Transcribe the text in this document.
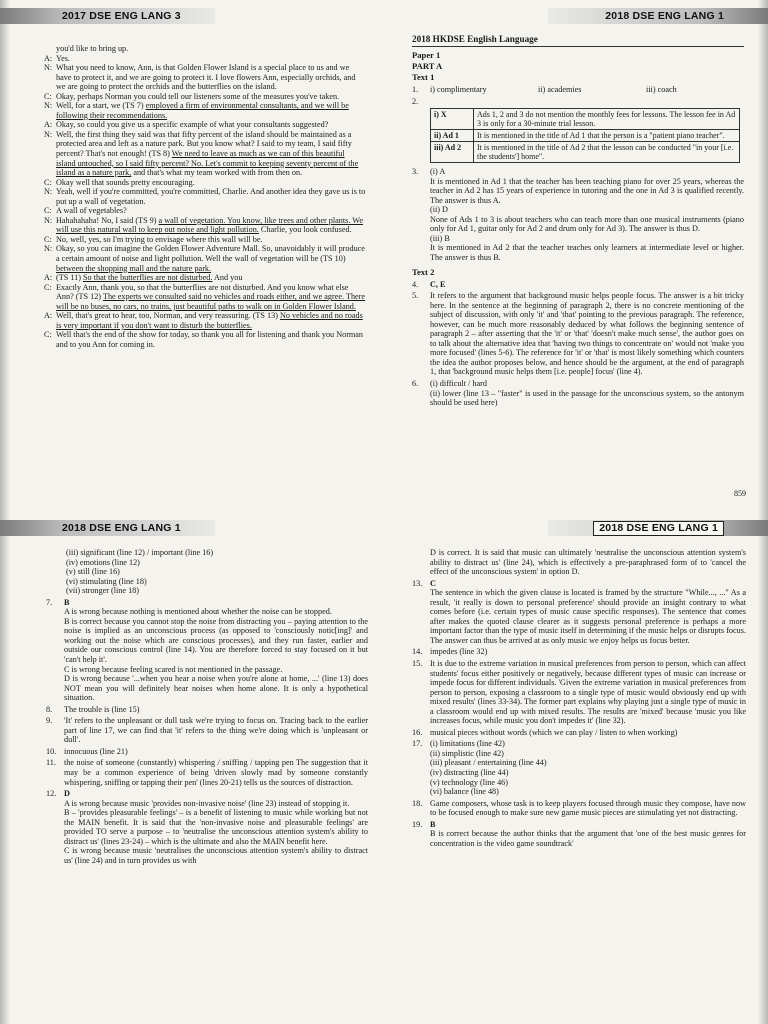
2017 DSE ENG LANG 3
you'd like to bring up.
A: Yes.
N: What you need to know, Ann, is that Golden Flower Island is a special place to us and we have to protect it, and we are going to protect it. I love flowers Ann, especially orchids, and we are going to protect the orchids and the butterflies on the island.
C: Okay, perhaps Norman you could tell our listeners some of the measures you've taken.
N: Well, for a start, we (TS 7) employed a firm of environmental consultants, and we will be following their recommendations.
A: Okay, so could you give us a specific example of what your consultants suggested?
N: Well, the first thing they said was that fifty percent of the island should be maintained as a protected area and left as a nature park. But you know what? I said to my team, I said fifty percent? That's not enough! (TS 8) We need to leave as much as we can of this beautiful island untouched, so I said fifty percent? No. Let's commit to keeping seventy percent of the island as a nature park, and that's what my team worked with from then on.
C: Okay well that sounds pretty encouraging.
N: Yeah, well if you're committed, you're committed, Charlie. And another idea they gave us is to put up a wall of vegetation.
C: A wall of vegetables?
N: Hahahahaha! No, I said (TS 9) a wall of vegetation. You know, like trees and other plants. We will use this natural wall to keep out noise and light pollution. Charlie, you look confused.
C: No, well, yes, so I'm trying to envisage where this wall will be.
N: Okay, so you can imagine the Golden Flower Adventure Mall. So, unavoidably it will produce a certain amount of noise and light pollution. Well the wall of vegetation will be (TS 10) between the shopping mall and the nature park.
A: (TS 11) So that the butterflies are not disturbed. And you
C: Exactly Ann, thank you, so that the butterflies are not disturbed. And you know what else Ann? (TS 12) The experts we consulted said no vehicles and roads either, and we agree. There will be no buses, no cars, no trains, just beautiful paths to walk on in Golden Flower Island.
A: Well, that's great to hear, too, Norman, and very reassuring. (TS 13) No vehicles and no roads is very important if you don't want to disturb the butterflies.
C: Well that's the end of the show for today, so thank you all for listening and thank you Norman and to you Ann for coming in.
2018 DSE ENG LANG 1
2018 HKDSE English Language
Paper 1
PART A
Text 1
1.	i) complimentary	ii) academies	iii) coach
2.
i) X	Ads 1, 2 and 3 do not mention the monthly fees for lessons. The lesson fee in Ad 3 is only for a 30-minute trial lesson.
ii) Ad 1	It is mentioned in the title of Ad 1 that the person is a "patient piano teacher".
iii) Ad 2	It is mentioned in the title of Ad 2 that the lesson can be conducted "in your [i.e. the students'] home".
3.	(i) A

It is mentioned in Ad 1 that the teacher has been teaching piano for over 25 years, whereas the teacher in Ad 2 has 15 years of experience in tutoring and the one in Ad 3 is qualified recently. The answer is thus A.

(ii) D

None of Ads 1 to 3 is about teachers who can teach more than one musical instruments (piano only for Ad 1, guitar only for Ad 2 and drum only for Ad 3). The answer is thus D.

(iii) B

It is mentioned in Ad 2 that the teacher teaches only learners at intermediate level or higher. The answer is thus B.

Text 2
4.	C, E
5.	It refers to the argument that background music helps people focus. The answer is a bit tricky here. In the sentence at the beginning of paragraph 2, there is no concrete mentioning of the subject of discussion, with only 'it' and 'that' pointing to the previous paragraph. The reference, however, can be much more reasonably deduced by what follows the beginning sentence of paragraph 2 – after asserting that the 'it' or 'that' 'doesn't make much sense', the author goes on to talk about the alternative idea that 'having two things to concentrate on' would not 'make you more focused' (lines 5-6). The reference for 'it' or 'that' is most likely something which counters the idea the author proposes below, and hence should be the argument, at the end of paragraph 1, that 'background music helps them [i.e. people] focus' (line 4).
6.	(i) difficult / hard

(ii) lower (line 13 – "faster" is used in the passage for the unconscious system, so the antonym should be used here)

859
2018 DSE ENG LANG 1

(iii) significant (line 12) / important (line 16)

(iv) emotions (line 12)

(v) still (line 16)

(vi) stimulating (line 18)

(vii) stronger (line 18)

7.	B

A is wrong because nothing is mentioned about whether the noise can be stopped.

B is correct because you cannot stop the noise from distracting you – paying attention to the noise is implied as an unconscious process (as opposed to 'consciously notic[ing]' and working out the noise which are conscious processes), and they run faster, earlier and outside our conscious control (line 14). You are therefore forced to stay focused on it but 'can't help it'.

C is wrong because feeling scared is not mentioned in the passage.

D is wrong because '...when you hear a noise when you're alone at home, ...' (line 13) does NOT mean you will definitely hear noises when home alone. It is only a hypothetical situation.

8.	The trouble is (line 15)
9.	'It' refers to the unpleasant or dull task we're trying to focus on. Tracing back to the earlier part of line 17, we can find that 'it' refers to the thing we're doing which is 'unpleasant or dull'.
10. innocuous (line 21)
11. the noise of someone (constantly) whispering / sniffing / tapping pen The suggestion that it may be a common experience of being 'driven slowly mad by someone constantly whispering, sniffing or tapping their pen' (lines 20-21) tells us the sources of distraction.
12. D

A is wrong because music 'provides non-invasive noise' (line 23) instead of stopping it.

B – 'provides pleasurable feelings' – is a benefit of listening to music while working but not the MAIN benefit. It is said that the 'non-invasive noise and pleasurable feelings' are provided TO serve a purpose – to 'neutralise the unconscious attention system's ability to distract us' (lines 23-24) – which is the ultimate and also the MAIN benefit here.

C is wrong because music 'neutralises the unconscious attention system's ability to distract us' (line 24) and in turn provides us with

2018 DSE ENG LANG 1
D is correct. It is said that music can ultimately 'neutralise the unconscious attention system's ability to distract us' (line 24), which is effectively a pre-paraphrased form of to 'cancel the effect of the unconscious system' in option D.
13. C

The sentence in which the given clause is located is framed by the structure "While..., ..." As a result, 'it really is down to personal preference' should provide an insight contrary to what comes before (i.e. certain types of music cause specific responses). The sentence that comes after makes the quoted clause clearer as it suggests personal preference is perhaps a more important factor than the type of music itself in determining if the music helps or disrupts focus. The answer can thus be arrived at as only music we enjoy helps us focus better.

14. impedes (line 32)
15. It is due to the extreme variation in musical preferences from person to person, which can affect students' focus either positively or negatively, because different types of music can increase or impede focus for different individuals. 'Given the extreme variation in musical preferences from person to person, exposing a classroom to a single type of music would obviously end up with mixed results' (lines 33-34). The former part explains why playing just a single type of music in a classroom would end up with mixed results. The results are 'mixed' because 'music you like increases focus, while music you don't impedes it' (line 32).
16. musical pieces without words (which we can play / listen to when working)
17. (i) limitations (line 42)

(ii) simplistic (line 42)

(iii) pleasant / entertaining (line 44)

(iv) distracting (line 44)

(v) technology (line 46)

(vi) balance (line 48)

18. Game composers, whose task is to keep players focused through music they compose, have now to be focused enough to make sure new game music pieces are stimulating yet not distracting.
19. B

B is correct because the author thinks that the argument that 'one of the best music genres for concentration is the video game soundtrack'
